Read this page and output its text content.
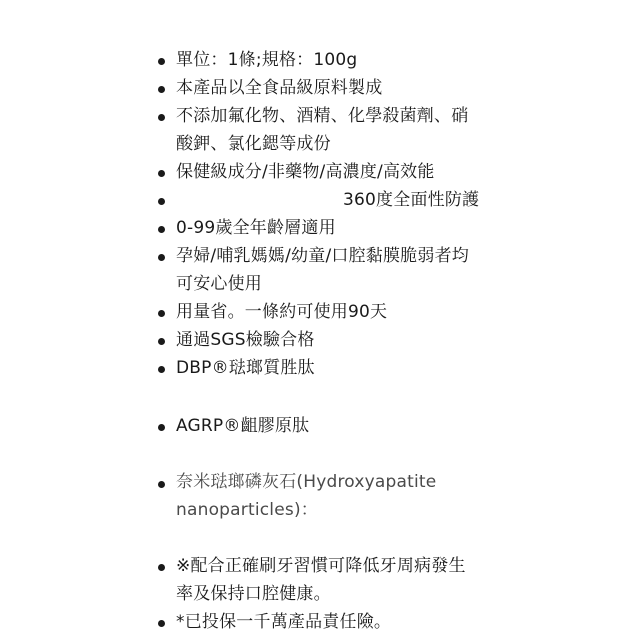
單位：1條;規格：100g
本產品以全食品級原料製成
不添加氟化物、酒精、化學殺菌劑、硝
酸鉀、氯化鍶等成份
保健級成分/非藥物/高濃度/高效能
360度全面性防護
0-99歲全年齡層適用
孕婦/哺乳媽媽/幼童/口腔黏膜脆弱者均
可安心使用
用量省。一條約可使用90天
通過SGS檢驗合格
DBP®琺瑯質胜肽
AGRP®齟膠原肽
奈米琺瑯磷灰石(Hydroxyapatite
nanoparticles)：
※配合正確刷牙習慣可降低牙周病發生
率及保持口腔健康。
*已投保一千萬產品責任險。
